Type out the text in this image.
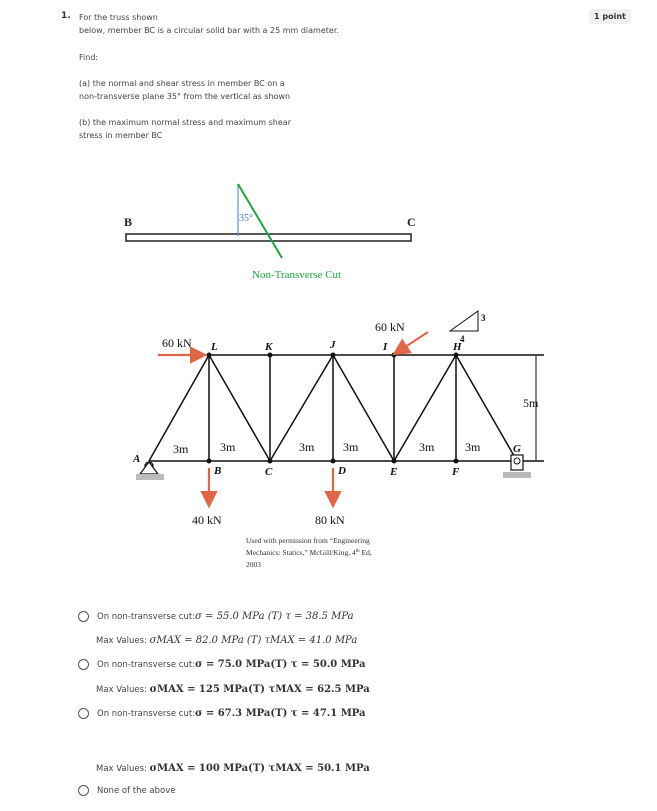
1.	1 point
For the truss shown
below, member BC is a circular solid bar with a 25 mm diameter.
Find:
(a) the normal and shear stress in member BC on a
non-transverse plane 35° from the vertical as shown
(b) the maximum normal stress and maximum shear
stress in member BC
B	C
35°
Non-Transverse Cut
A
B	C	D	E	F
G
L	K	J	I	H
3m	3m	3m 3m	3m	3m
5m
60 kN
60 kN
4
3
40 kN	80 kN
Used with permission from “Engineering
Mechanics: Statics,” McGill/King, 4th Ed,
2003
On non-transverse cut: σ = 55.0 MPa (T) τ = 38.5 MPa
Max Values: σMAX = 82.0 MPa (T) τMAX = 41.0 MPa
On non-transverse cut: σ = 75.0 MPa(T) τ = 50.0 MPa
Max Values: σMAX = 125 MPa(T) τMAX = 62.5 MPa
On non-transverse cut: σ = 67.3 MPa(T) τ = 47.1 MPa
Max Values: σMAX = 100 MPa(T) τMAX = 50.1 MPa
None of the above
